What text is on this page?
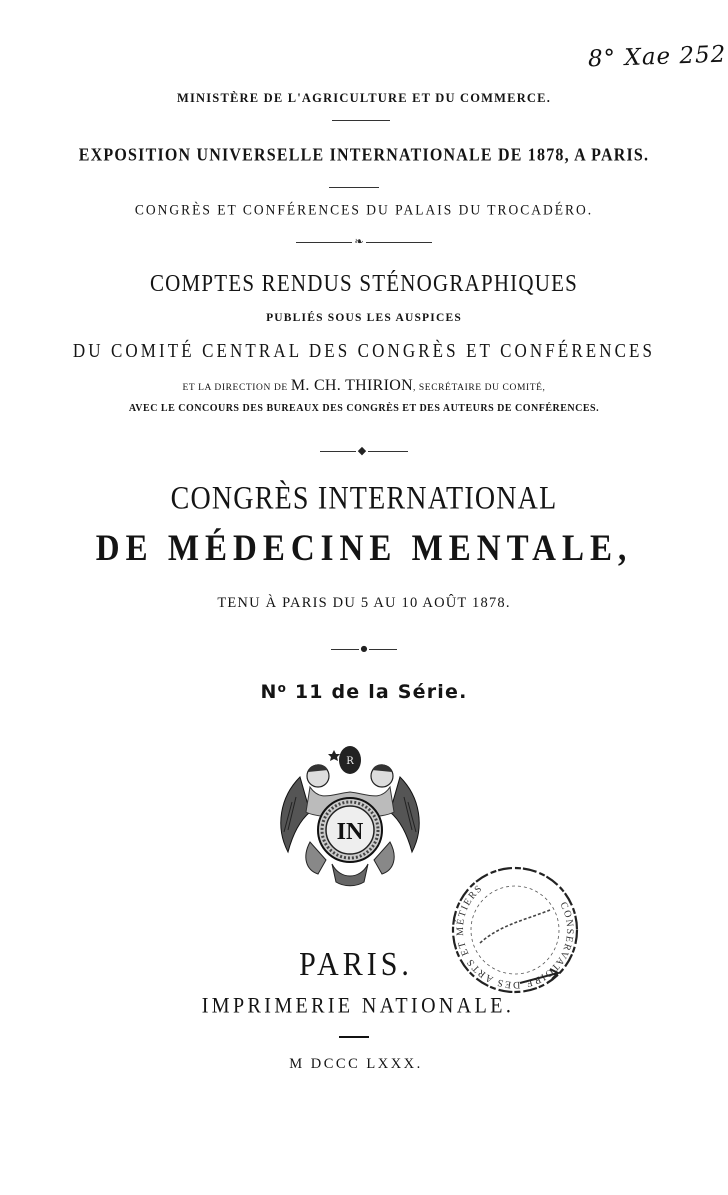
8° Xae 252
MINISTÈRE DE L'AGRICULTURE ET DU COMMERCE.
EXPOSITION UNIVERSELLE INTERNATIONALE DE 1878, A PARIS.
CONGRÈS ET CONFÉRENCES DU PALAIS DU TROCADÉRO.
❧
COMPTES RENDUS STÉNOGRAPHIQUES
PUBLIÉS SOUS LES AUSPICES
DU COMITÉ CENTRAL DES CONGRÈS ET CONFÉRENCES
ET LA DIRECTION DE M. CH. THIRION, SECRÉTAIRE DU COMITÉ,
AVEC LE CONCOURS DES BUREAUX DES CONGRÈS ET DES AUTEURS DE CONFÉRENCES.
◆
CONGRÈS INTERNATIONAL
DE MÉDECINE MENTALE,
TENU À PARIS DU 5 AU 10 AOÛT 1878.
●
$N^o$ 11 de la Série.
R
IN
CONSERVATOIRE DES ARTS ET MÉTIERS
PARIS.
IMPRIMERIE NATIONALE.
M DCCC LXXX.
